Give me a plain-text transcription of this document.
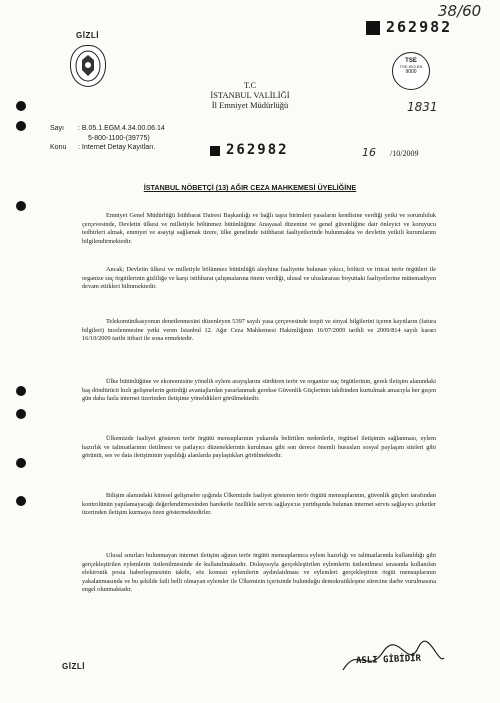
38/60
GİZLİ	262982
T.C
İSTANBUL VALİLİĞİ
İl Emniyet Müdürlüğü
TSE
TSE-ISO-EN
9000
1831
Sayı : B.05.1.EGM.4.34.00.06.14
5-800-1100-(39775)
Konu : Internet Detay Kayıtları.	16 /10/2009
262982
İSTANBUL NÖBETÇİ (13) AĞIR CEZA MAHKEMESİ ÜYELİĞİNE
Emniyet Genel Müdürlüğü İstihbarat Dairesi Başkanlığı ve bağlı taşra birimleri yasaların kendisine verdiği yetki ve sorumluluk çerçevesinde, Devletin ülkesi ve milletiyle bölünmez bütünlüğüne Anayasal düzenine ve genel güvenliğine dair önleyici ve koruyucu tedbirleri almak, emniyet ve asayişi sağlamak üzere, ülke genelinde istihbarat faaliyetlerinde bulunmakta ve devletin yetkili kurumlarını bilgilendirmektedir.
Ancak; Devletin ülkesi ve milletiyle bölünmez bütünlüğü aleyhine faaliyette bulunan yıkıcı, bölücü ve irticai terör örgütleri ile organize suç örgütlerinin gizliliğe ve karşı istihbarat çalışmalarına önem verdiği, ulusal ve uluslararası boyuttaki faaliyetlerine mütemadiyen devam ettikleri bilinmektedir.
Telekomünikasyonun denetlenmesini düzenleyen 5397 sayılı yasa çerçevesinde tespit ve sinyal bilgilerini içeren kayıtların (fatura bilgileri) incelenmesine yetki veren İstanbul 12. Ağır Ceza Mahkemesi Hakimliğinin 16/07/2009 tarihli ve 2009/814 sayılı kararı 16/10/2009 tarihi itibari ile sona ermektedir.
Ülke bütünlüğüne ve ekonomisine yönelik eylem arayışlarını sürdüren terör ve organize suç örgütlerinin, gerek iletişim alanındaki baş döndürücü hızlı gelişmelerin getirdiği avantajlardan yararlanmak gerekse Güvenlik Güçlerinin takibinden kurtulmak amacıyla her geçen gün daha fazla internet üzerinden iletişime yöneldikleri görülmektedir.
Ülkemizde faaliyet gösteren terör örgütü mensuplarının yukarıda belirtilen nedenlerle, örgütsel iletişimin sağlanması, eylem hazırlık ve talimatlarının iletilmesi ve patlayıcı düzeneklerinin kurulması gibi son derece önemli hususları sosyal paylaşım siteleri gibi görüntü, ses ve data iletişiminin yapıldığı alanlarda paylaştıkları görülmektedir.
Bilişim alanındaki küresel gelişmeler ışığında Ülkemizde faaliyet gösteren terör örgütü mensuplarının, güvenlik güçleri tarafından kontrolünün yapılamayacağı değerlendirmesinden hareketle özellikle servis sağlayıcısı yurtdışında bulunan internet servis sağlayıcı şirketler üzerinden iletişim kurmaya özen göstermektedirler.
Ulusal sınırları bulunmayan internet iletişim ağının terör örgütü mensuplarınca eylem hazırlığı ve talimatlarında kullanıldığı gibi gerçekleştirilen eylemlerin üstlenilmesinde de kullanılmaktadır. Dolayısıyla gerçekleştirilen eylemlerin üstlenilmesi sırasında kullanılan elektronik posta haberleşmesinin takibi, söz konusu eylemlerin aydınlatılması ve eylemleri gerçekleştiren örgüt mensuplarının yakalanmasında ve bu şekilde faili belli olmayan eylemler ile Ülkemizin içerisinde bulunduğu demokratikleşme sürecine darbe vurulmasına engel olunmaktadır.
GİZLİ
ASLI GİBİDİR
